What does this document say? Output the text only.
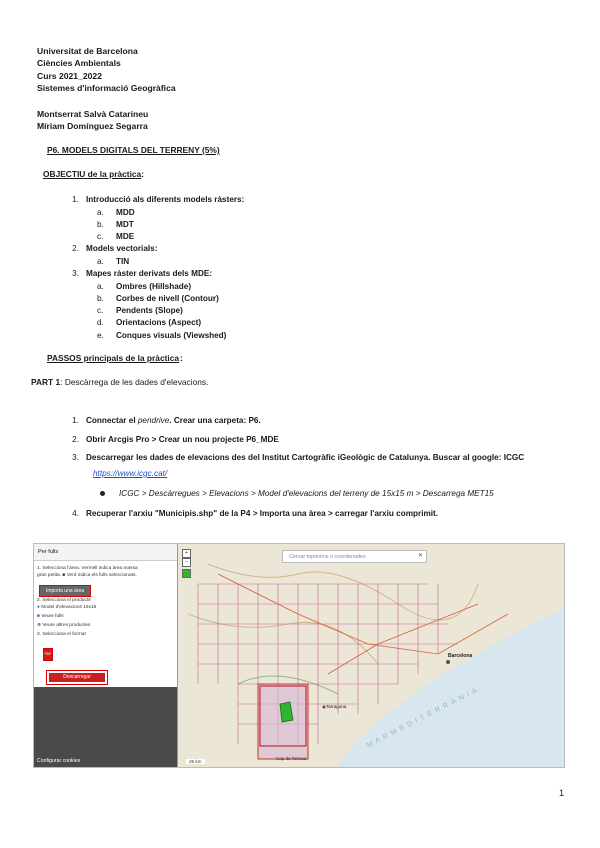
Universitat de Barcelona
Ciències Ambientals
Curs 2021_2022
Sistemes d'informació Geogràfica
Montserrat Salvà Catarineu
Míriam Domínguez Segarra
P6. MODELS DIGITALS DEL TERRENY (5%)
OBJECTIU de la pràctica:
1. Introducció als diferents models ràsters:
a. MDD
b. MDT
c. MDE
2. Models vectorials:
a. TIN
3. Mapes ràster derivats dels MDE:
a. Ombres (Hillshade)
b. Corbes de nivell (Contour)
c. Pendents (Slope)
d. Orientacions (Aspect)
e. Conques visuals (Viewshed)
PASSOS principals de la pràctica :
PART 1: Descàrrega de les dades d'elevacions.
1. Connectar el pendrive. Crear una carpeta: P6.
2. Obrir Arcgis Pro > Crear un nou projecte P6_MDE
3. Descarregar les dades de elevacions des del Institut Cartogràfic iGeològic de Catalunya. Buscar al google: ICGC
https://www.icgc.cat/
ICGC > Descàrregues > Elevacions > Model d'elevacions del terreny de 15x15 m > Descarrega MET15
4. Recuperar l'arxiu "Municipis.shp" de la P4 > Importa una àrea > carregar l'arxiu comprimit.
Per fulls
1. Selecciona l'àrea. Vermell indica àrea massa
gran petita. ■ Verd indica els fulls seleccionats.
Importa una àrea
2. Selecciona el producte
● Model d'elevacions 15x15
■ Veure fulls
⊕ Veure altres productes
3. Selecciona el format
PDF
Descarregar
Configurar cookies
Cercar topònims o coordenades	✕
+
−
Barcelona
Tarragona	M A R M E D I T E R R À N I A
Cap de Tortosa
25 km
1
